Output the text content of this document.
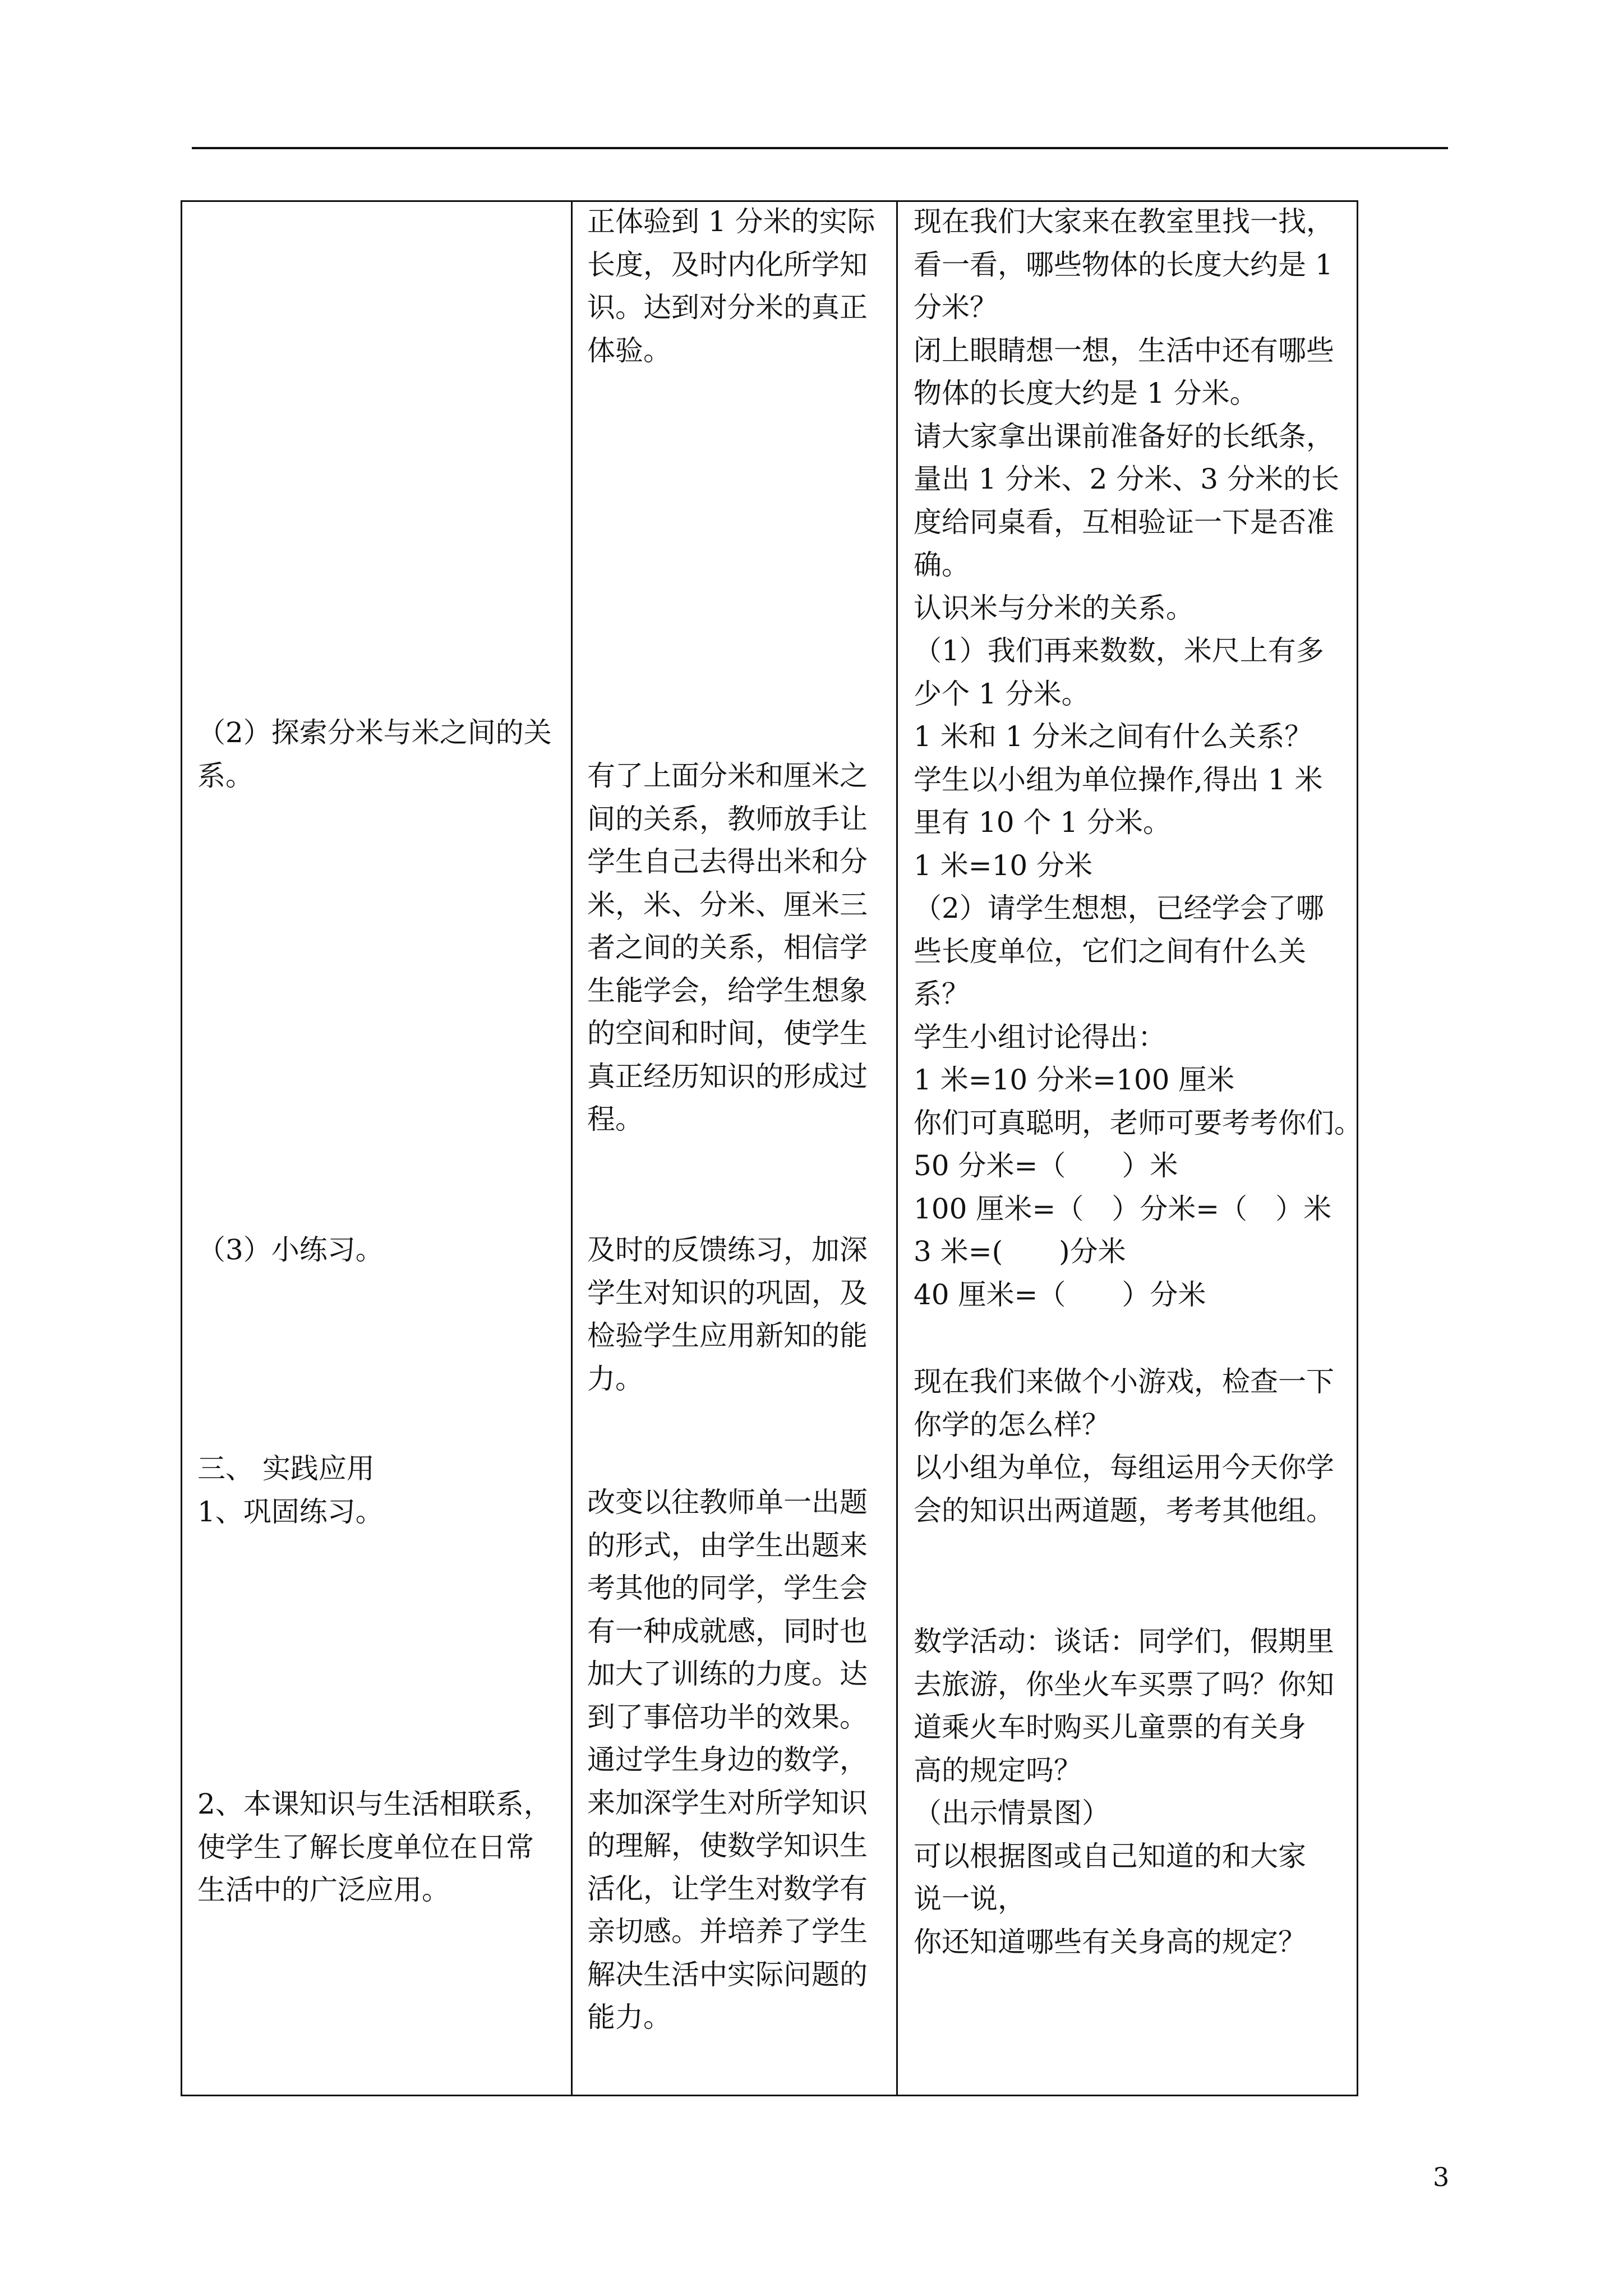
（2）探索分米与米之间的关
系。
（3）小练习。
三、 实践应用
1、巩固练习。
2、本课知识与生活相联系，
使学生了解长度单位在日常
生活中的广泛应用。
正体验到 1 分米的实际
长度，及时内化所学知
识。达到对分米的真正
体验。
有了上面分米和厘米之
间的关系，教师放手让
学生自己去得出米和分
米，米、分米、厘米三
者之间的关系，相信学
生能学会，给学生想象
的空间和时间，使学生
真正经历知识的形成过
程。
及时的反馈练习，加深
学生对知识的巩固，及
检验学生应用新知的能
力。
改变以往教师单一出题
的形式，由学生出题来
考其他的同学，学生会
有一种成就感，同时也
加大了训练的力度。达
到了事倍功半的效果。
通过学生身边的数学，
来加深学生对所学知识
的理解，使数学知识生
活化，让学生对数学有
亲切感。并培养了学生
解决生活中实际问题的
能力。
现在我们大家来在教室里找一找，
看一看，哪些物体的长度大约是 1
分米？
闭上眼睛想一想，生活中还有哪些
物体的长度大约是 1 分米。
请大家拿出课前准备好的长纸条，
量出 1 分米、2 分米、3 分米的长
度给同桌看，互相验证一下是否准
确。
认识米与分米的关系。
（1）我们再来数数，米尺上有多
少个 1 分米。
1 米和 1 分米之间有什么关系？
学生以小组为单位操作,得出 1 米
里有 10 个 1 分米。
1 米=10 分米
（2）请学生想想，已经学会了哪
些长度单位，它们之间有什么关
系？
学生小组讨论得出：
1 米=10 分米=100 厘米
你们可真聪明，老师可要考考你们。
50 分米=（　　）米
100 厘米=（　）分米=（　）米
3 米=(　　)分米
40 厘米=（　　）分米
现在我们来做个小游戏，检查一下
你学的怎么样？
以小组为单位，每组运用今天你学
会的知识出两道题，考考其他组。
数学活动：谈话：同学们，假期里
去旅游，你坐火车买票了吗？你知
道乘火车时购买儿童票的有关身
高的规定吗？
（出示情景图）
可以根据图或自己知道的和大家
说一说，
你还知道哪些有关身高的规定？
3
